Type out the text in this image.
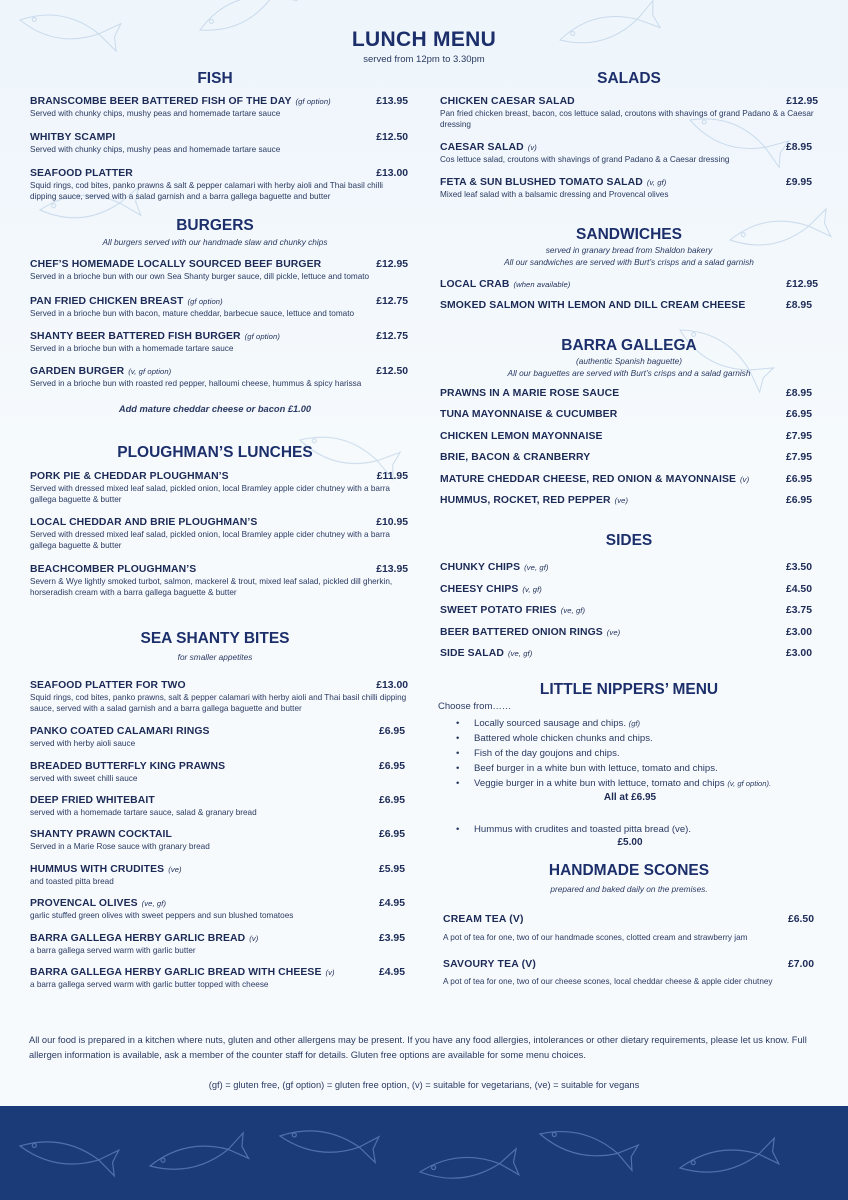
LUNCH MENU
served from 12pm to 3.30pm
FISH
BRANSCOMBE BEER BATTERED FISH OF THE DAY (gf option)	£13.95
Served with chunky chips, mushy peas and homemade tartare sauce
WHITBY SCAMPI	£12.50
Served with chunky chips, mushy peas and homemade tartare sauce
SEAFOOD PLATTER	£13.00
Squid rings, cod bites, panko prawns & salt & pepper calamari with herby aioli and Thai basil chilli dipping sauce, served with a salad garnish and a barra gallega baguette and butter
BURGERS
All burgers served with our handmade slaw and chunky chips
CHEF’S HOMEMADE LOCALLY SOURCED BEEF BURGER	£12.95
Served in a brioche bun with our own Sea Shanty burger sauce, dill pickle, lettuce and tomato
PAN FRIED CHICKEN BREAST (gf option)	£12.75
Served in a brioche bun with bacon, mature cheddar, barbecue sauce, lettuce and tomato
SHANTY BEER BATTERED FISH BURGER (gf option)	£12.75
Served in a brioche bun with a homemade tartare sauce
GARDEN BURGER (v, gf option)	£12.50
Served in a brioche bun with roasted red pepper, halloumi cheese, hummus & spicy harissa
Add mature cheddar cheese or bacon £1.00
PLOUGHMAN’S LUNCHES
PORK PIE & CHEDDAR PLOUGHMAN’S	£11.95
Served with dressed mixed leaf salad, pickled onion, local Bramley apple cider chutney with a barra gallega baguette & butter
LOCAL CHEDDAR AND BRIE PLOUGHMAN’S	£10.95
Served with dressed mixed leaf salad, pickled onion, local Bramley apple cider chutney with a barra gallega baguette & butter
BEACHCOMBER PLOUGHMAN’S	£13.95
Severn & Wye lightly smoked turbot, salmon, mackerel & trout, mixed leaf salad, pickled dill gherkin, horseradish cream with a barra gallega baguette & butter
SEA SHANTY BITES
for smaller appetites
SEAFOOD PLATTER FOR TWO	£13.00
Squid rings, cod bites, panko prawns, salt & pepper calamari with herby aioli and Thai basil chilli dipping sauce, served with a salad garnish and a barra gallega baguette and butter
PANKO COATED CALAMARI RINGS	£6.95
served with herby aioli sauce
BREADED BUTTERFLY KING PRAWNS	£6.95
served with sweet chilli sauce
DEEP FRIED WHITEBAIT	£6.95
served with a homemade tartare sauce, salad & granary bread
SHANTY PRAWN COCKTAIL	£6.95
Served in a Marie Rose sauce with granary bread
HUMMUS WITH CRUDITES (ve)	£5.95
and toasted pitta bread
PROVENCAL OLIVES (ve, gf)	£4.95
garlic stuffed green olives with sweet peppers and sun blushed tomatoes
BARRA GALLEGA HERBY GARLIC BREAD (v)	£3.95
a barra gallega served warm with garlic butter
BARRA GALLEGA HERBY GARLIC BREAD WITH CHEESE (v)	£4.95
a barra gallega served warm with garlic butter topped with cheese
SALADS
CHICKEN CAESAR SALAD	£12.95
Pan fried chicken breast, bacon, cos lettuce salad, croutons with shavings of grand Padano & a Caesar dressing
CAESAR SALAD (v)	£8.95
Cos lettuce salad, croutons with shavings of grand Padano & a Caesar dressing
FETA & SUN BLUSHED TOMATO SALAD (v, gf)	£9.95
Mixed leaf salad with a balsamic dressing and Provencal olives
SANDWICHES
served in granary bread from Shaldon bakery
All our sandwiches are served with Burt’s crisps and a salad garnish
LOCAL CRAB (when available)	£12.95
SMOKED SALMON WITH LEMON AND DILL CREAM CHEESE	£8.95
BARRA GALLEGA
(authentic Spanish baguette)
All our baguettes are served with Burt’s crisps and a salad garnish
PRAWNS IN A MARIE ROSE SAUCE	£8.95
TUNA MAYONNAISE & CUCUMBER	£6.95
CHICKEN LEMON MAYONNAISE	£7.95
BRIE, BACON & CRANBERRY	£7.95
MATURE CHEDDAR CHEESE, RED ONION & MAYONNAISE (v)	£6.95
HUMMUS, ROCKET, RED PEPPER (ve)	£6.95
SIDES
CHUNKY CHIPS (ve, gf)	£3.50
CHEESY CHIPS (v, gf)	£4.50
SWEET POTATO FRIES (ve, gf)	£3.75
BEER BATTERED ONION RINGS (ve)	£3.00
SIDE SALAD (ve, gf)	£3.00
LITTLE NIPPERS’ MENU
Choose from……
• Locally sourced sausage and chips. (gf)
• Battered whole chicken chunks and chips.
• Fish of the day goujons and chips.
• Beef burger in a white bun with lettuce, tomato and chips.
• Veggie burger in a white bun with lettuce, tomato and chips (v, gf option).
All at £6.95
• Hummus with crudites and toasted pitta bread (ve).
£5.00
HANDMADE SCONES
prepared and baked daily on the premises.
CREAM TEA (V)	£6.50
A pot of tea for one, two of our handmade scones, clotted cream and strawberry jam
SAVOURY TEA (V)	£7.00
A pot of tea for one, two of our cheese scones, local cheddar cheese & apple cider chutney
All our food is prepared in a kitchen where nuts, gluten and other allergens may be present. If you have any food allergies, intolerances or other dietary requirements, please let us know. Full allergen information is available, ask a member of the counter staff for details. Gluten free options are available for some menu choices.
(gf) = gluten free, (gf option) = gluten free option, (v) = suitable for vegetarians, (ve) = suitable for vegans
